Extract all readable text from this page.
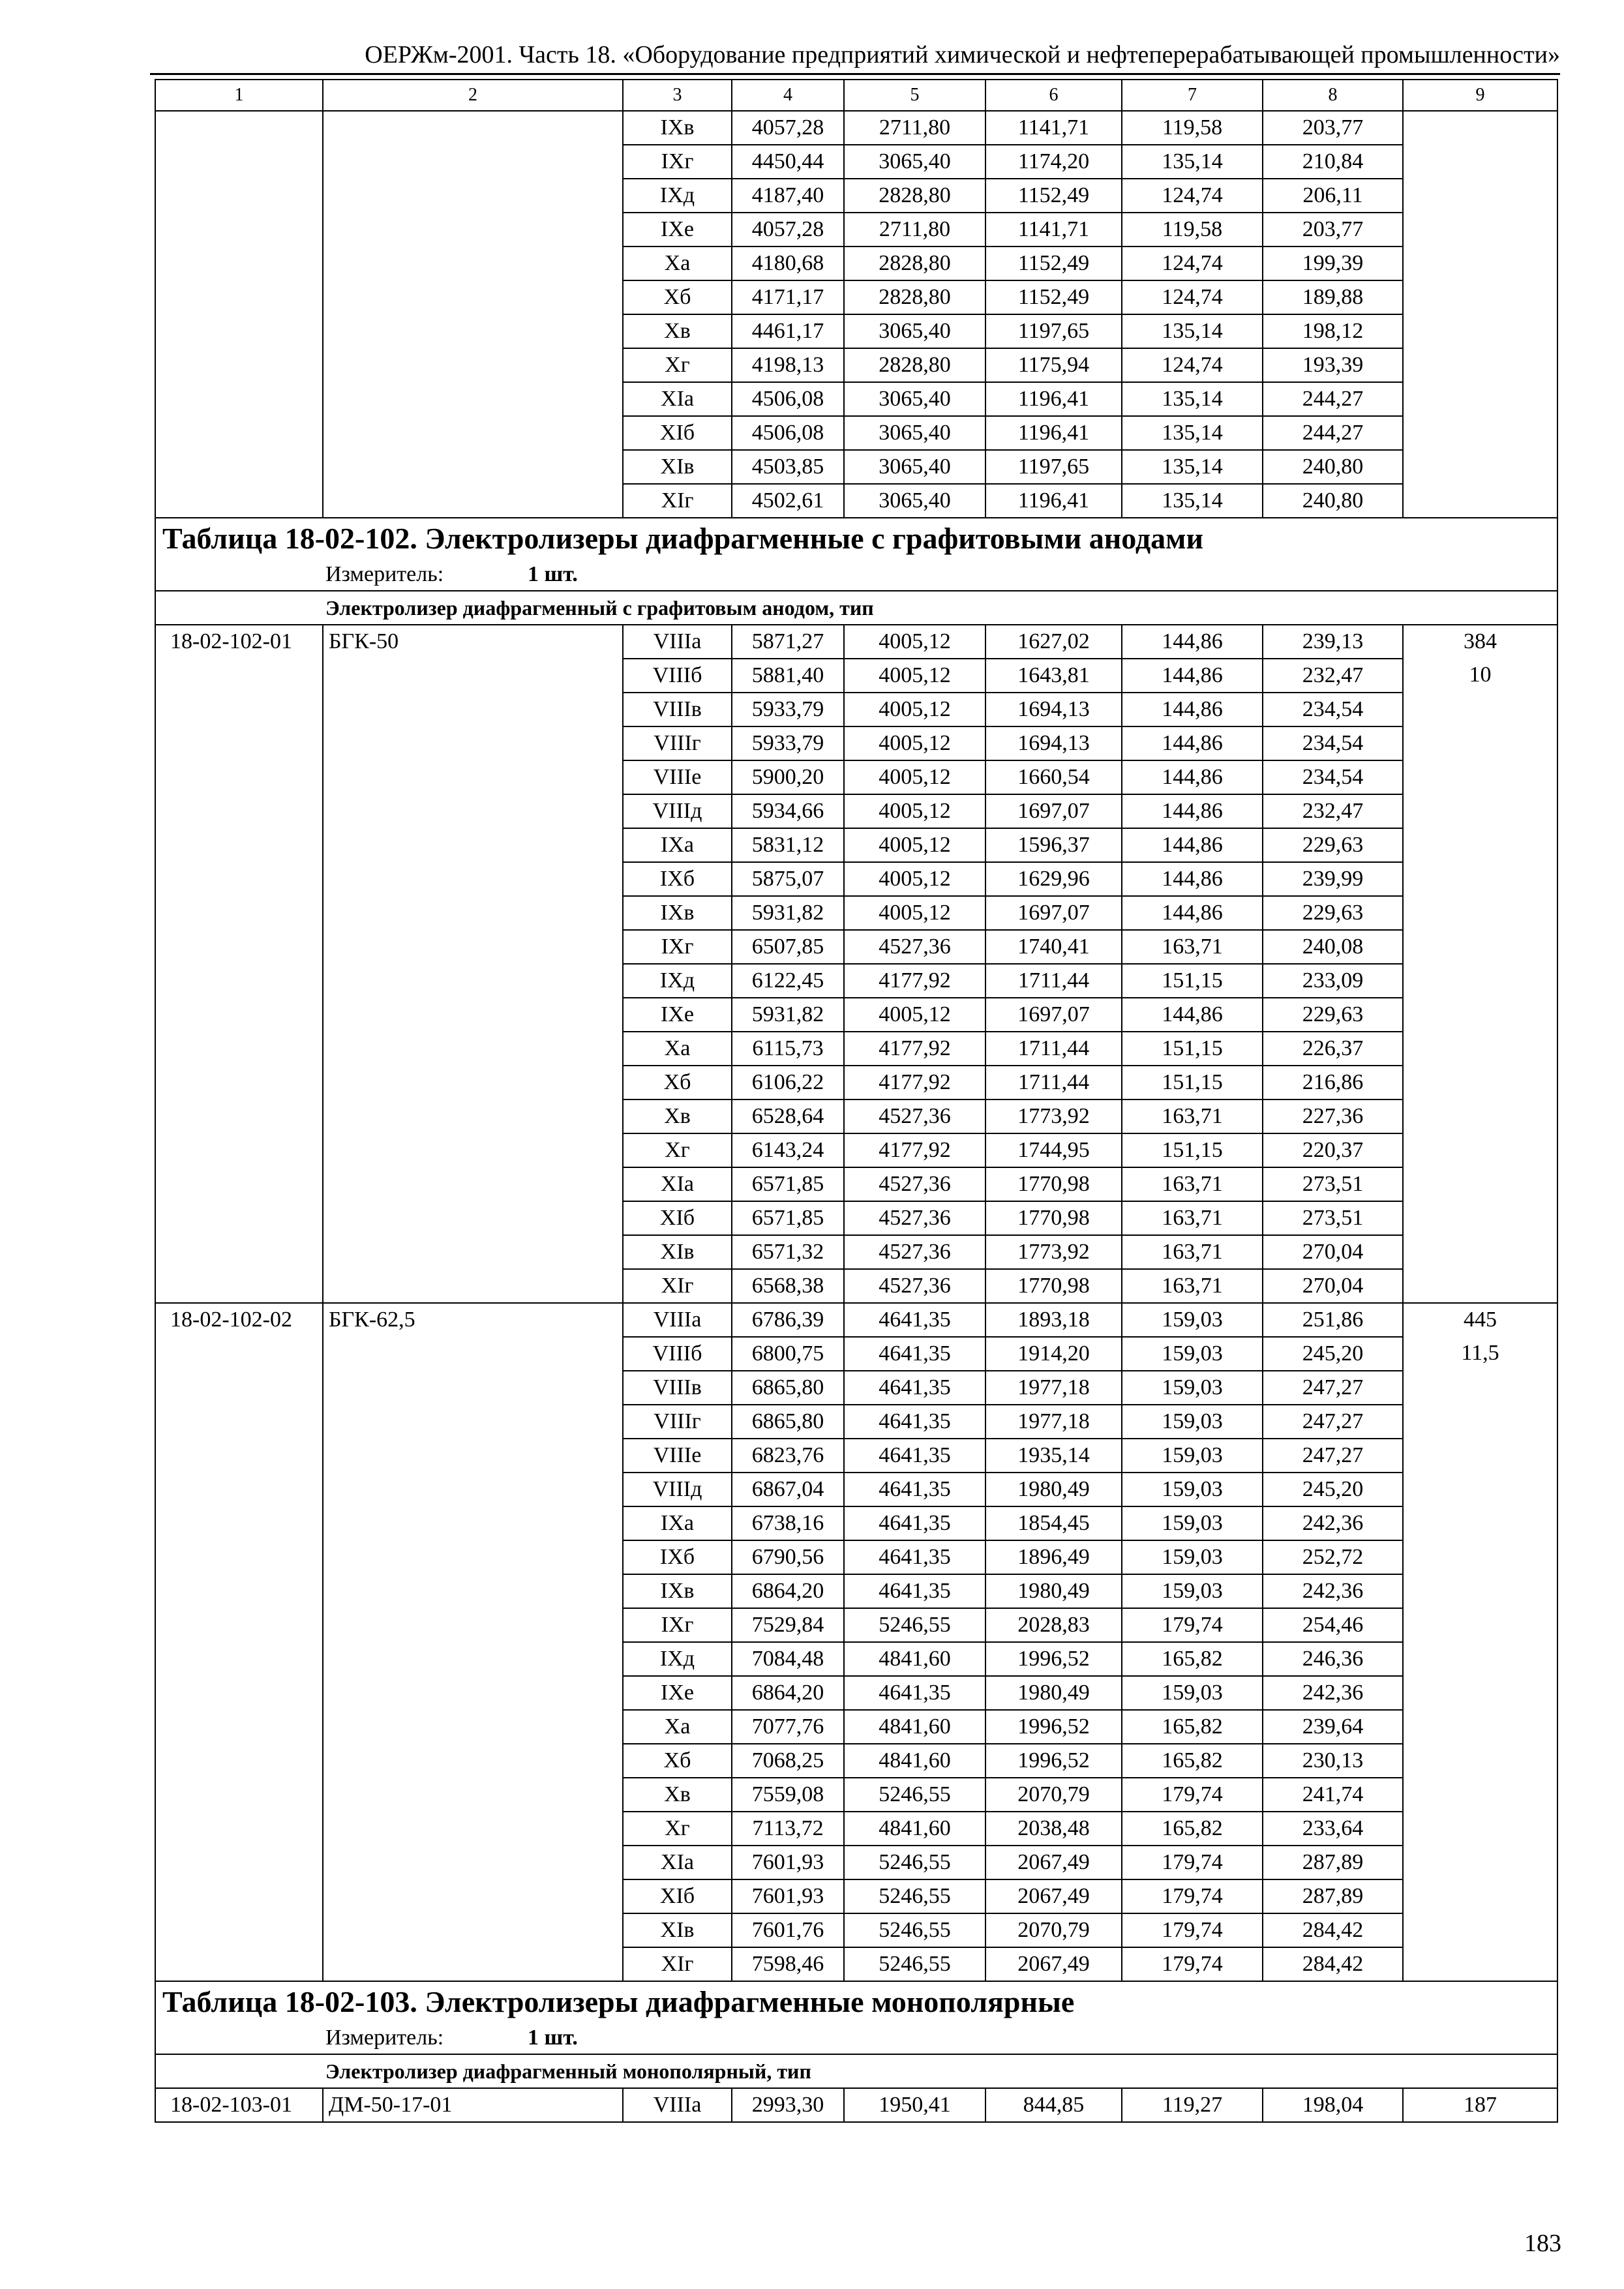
ОЕРЖм-2001. Часть 18. «Оборудование предприятий химической и нефтеперерабатывающей промышленности»
1	2	3	4	5	6	7	8	9
		IXв	4057,28	2711,80	1141,71	119,58	203,77	
		IXг	4450,44	3065,40	1174,20	135,14	210,84	
		IXд	4187,40	2828,80	1152,49	124,74	206,11	
		IXе	4057,28	2711,80	1141,71	119,58	203,77	
		Xа	4180,68	2828,80	1152,49	124,74	199,39	
		Xб	4171,17	2828,80	1152,49	124,74	189,88	
		Xв	4461,17	3065,40	1197,65	135,14	198,12	
		Xг	4198,13	2828,80	1175,94	124,74	193,39	
		XIа	4506,08	3065,40	1196,41	135,14	244,27	
		XIб	4506,08	3065,40	1196,41	135,14	244,27	
		XIв	4503,85	3065,40	1197,65	135,14	240,80	
		XIг	4502,61	3065,40	1196,41	135,14	240,80	
Таблица 18-02-102. Электролизеры диафрагменные с графитовыми анодами								
Измеритель: 1 шт.								
Электролизер диафрагменный с графитовым анодом, тип								
18-02-102-01	БГК-50	VIIIа	5871,27	4005,12	1627,02	144,86	239,13	384
		VIIIб	5881,40	4005,12	1643,81	144,86	232,47	10
		VIIIв	5933,79	4005,12	1694,13	144,86	234,54	
		VIIIг	5933,79	4005,12	1694,13	144,86	234,54	
		VIIIе	5900,20	4005,12	1660,54	144,86	234,54	
		VIIIд	5934,66	4005,12	1697,07	144,86	232,47	
		IXа	5831,12	4005,12	1596,37	144,86	229,63	
		IXб	5875,07	4005,12	1629,96	144,86	239,99	
		IXв	5931,82	4005,12	1697,07	144,86	229,63	
		IXг	6507,85	4527,36	1740,41	163,71	240,08	
		IXд	6122,45	4177,92	1711,44	151,15	233,09	
		IXе	5931,82	4005,12	1697,07	144,86	229,63	
		Xа	6115,73	4177,92	1711,44	151,15	226,37	
		Xб	6106,22	4177,92	1711,44	151,15	216,86	
		Xв	6528,64	4527,36	1773,92	163,71	227,36	
		Xг	6143,24	4177,92	1744,95	151,15	220,37	
		XIа	6571,85	4527,36	1770,98	163,71	273,51	
		XIб	6571,85	4527,36	1770,98	163,71	273,51	
		XIв	6571,32	4527,36	1773,92	163,71	270,04	
		XIг	6568,38	4527,36	1770,98	163,71	270,04	
18-02-102-02	БГК-62,5	VIIIа	6786,39	4641,35	1893,18	159,03	251,86	445
		VIIIб	6800,75	4641,35	1914,20	159,03	245,20	11,5
		VIIIв	6865,80	4641,35	1977,18	159,03	247,27	
		VIIIг	6865,80	4641,35	1977,18	159,03	247,27	
		VIIIе	6823,76	4641,35	1935,14	159,03	247,27	
		VIIIд	6867,04	4641,35	1980,49	159,03	245,20	
		IXа	6738,16	4641,35	1854,45	159,03	242,36	
		IXб	6790,56	4641,35	1896,49	159,03	252,72	
		IXв	6864,20	4641,35	1980,49	159,03	242,36	
		IXг	7529,84	5246,55	2028,83	179,74	254,46	
		IXд	7084,48	4841,60	1996,52	165,82	246,36	
		IXе	6864,20	4641,35	1980,49	159,03	242,36	
		Xа	7077,76	4841,60	1996,52	165,82	239,64	
		Xб	7068,25	4841,60	1996,52	165,82	230,13	
		Xв	7559,08	5246,55	2070,79	179,74	241,74	
		Xг	7113,72	4841,60	2038,48	165,82	233,64	
		XIа	7601,93	5246,55	2067,49	179,74	287,89	
		XIб	7601,93	5246,55	2067,49	179,74	287,89	
		XIв	7601,76	5246,55	2070,79	179,74	284,42	
		XIг	7598,46	5246,55	2067,49	179,74	284,42	
Таблица 18-02-103. Электролизеры диафрагменные монополярные								
Измеритель: 1 шт.								
Электролизер диафрагменный монополярный, тип								
18-02-103-01	ДМ-50-17-01	VIIIа	2993,30	1950,41	844,85	119,27	198,04	187
183
